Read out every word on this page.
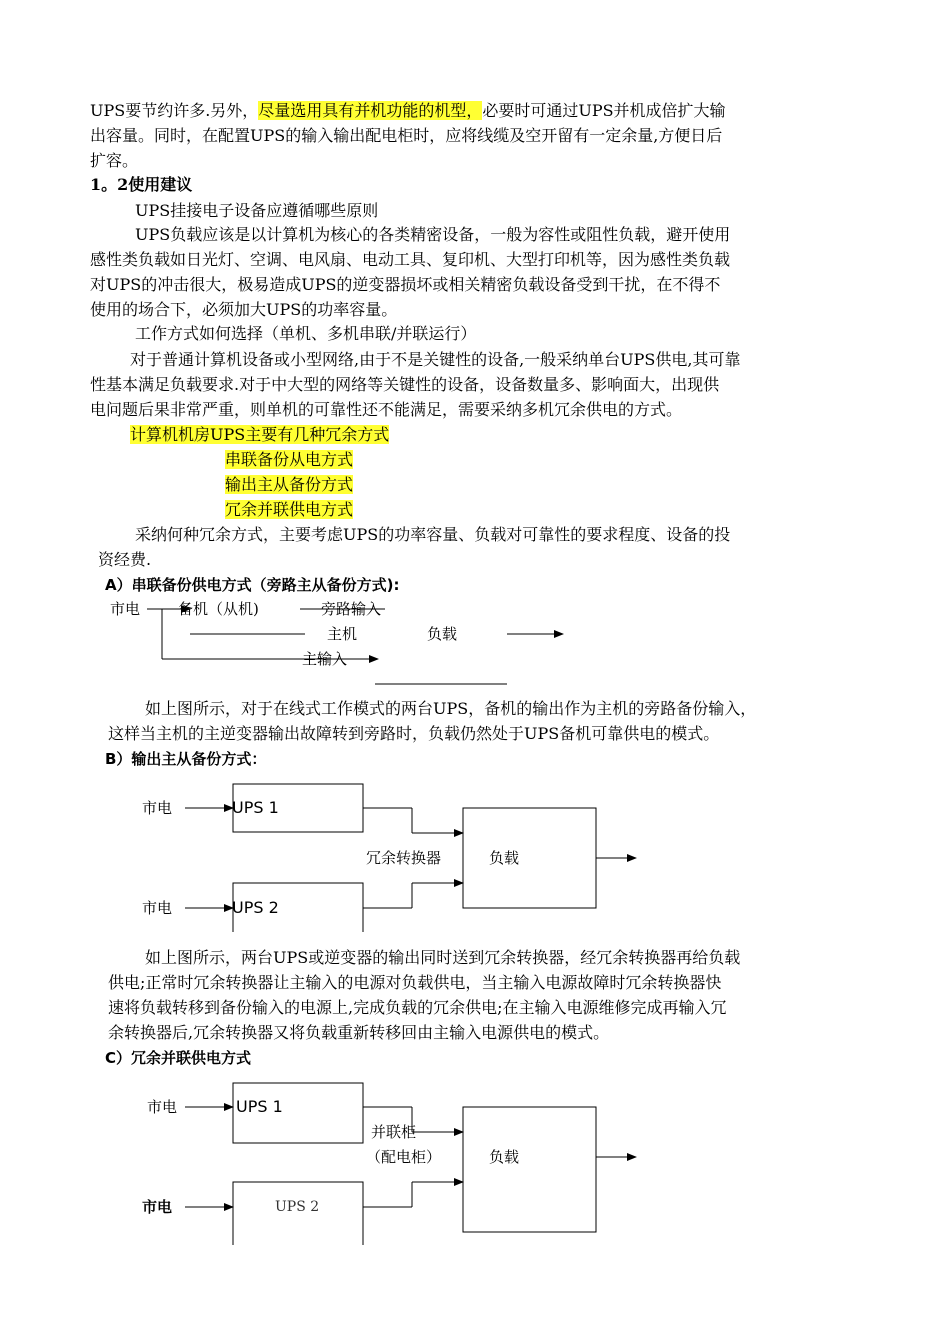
UPS要节约许多.另外，尽量选用具有并机功能的机型，必要时可通过UPS并机成倍扩大输
出容量。同时，在配置UPS的输入输出配电柜时，应将线缆及空开留有一定余量,方便日后
扩容。
1。2使用建议
UPS挂接电子设备应遵循哪些原则
UPS负载应该是以计算机为核心的各类精密设备，一般为容性或阻性负载，避开使用
感性类负载如日光灯、空调、电风扇、电动工具、复印机、大型打印机等，因为感性类负载
对UPS的冲击很大，极易造成UPS的逆变器损坏或相关精密负载设备受到干扰，在不得不
使用的场合下，必须加大UPS的功率容量。
工作方式如何选择（单机、多机串联/并联运行）
对于普通计算机设备或小型网络,由于不是关键性的设备,一般采纳单台UPS供电,其可靠
性基本满足负载要求.对于中大型的网络等关键性的设备，设备数量多、影响面大，出现供
电问题后果非常严重，则单机的可靠性还不能满足，需要采纳多机冗余供电的方式。
计算机机房UPS主要有几种冗余方式
串联备份从电方式
输出主从备份方式
冗余并联供电方式
采纳何种冗余方式，主要考虑UPS的功率容量、负载对可靠性的要求程度、设备的投
资经费.
A）串联备份供电方式（旁路主从备份方式):
市电	备机（从机)	旁路输入
主机	负载
主输入
如上图所示，对于在线式工作模式的两台UPS，备机的输出作为主机的旁路备份输入，
这样当主机的主逆变器输出故障转到旁路时，负载仍然处于UPS备机可靠供电的模式。
B）输出主从备份方式：
市电	UPS 1
冗余转换器	负载
市电	UPS 2
如上图所示，两台UPS或逆变器的输出同时送到冗余转换器，经冗余转换器再给负载
供电;正常时冗余转换器让主输入的电源对负载供电，当主输入电源故障时冗余转换器快
速将负载转移到备份输入的电源上,完成负载的冗余供电;在主输入电源维修完成再输入冗
余转换器后,冗余转换器又将负载重新转移回由主输入电源供电的模式。
C）冗余并联供电方式
市电	UPS 1
并联柜
（配电柜）	负载
市电	UPS 2
